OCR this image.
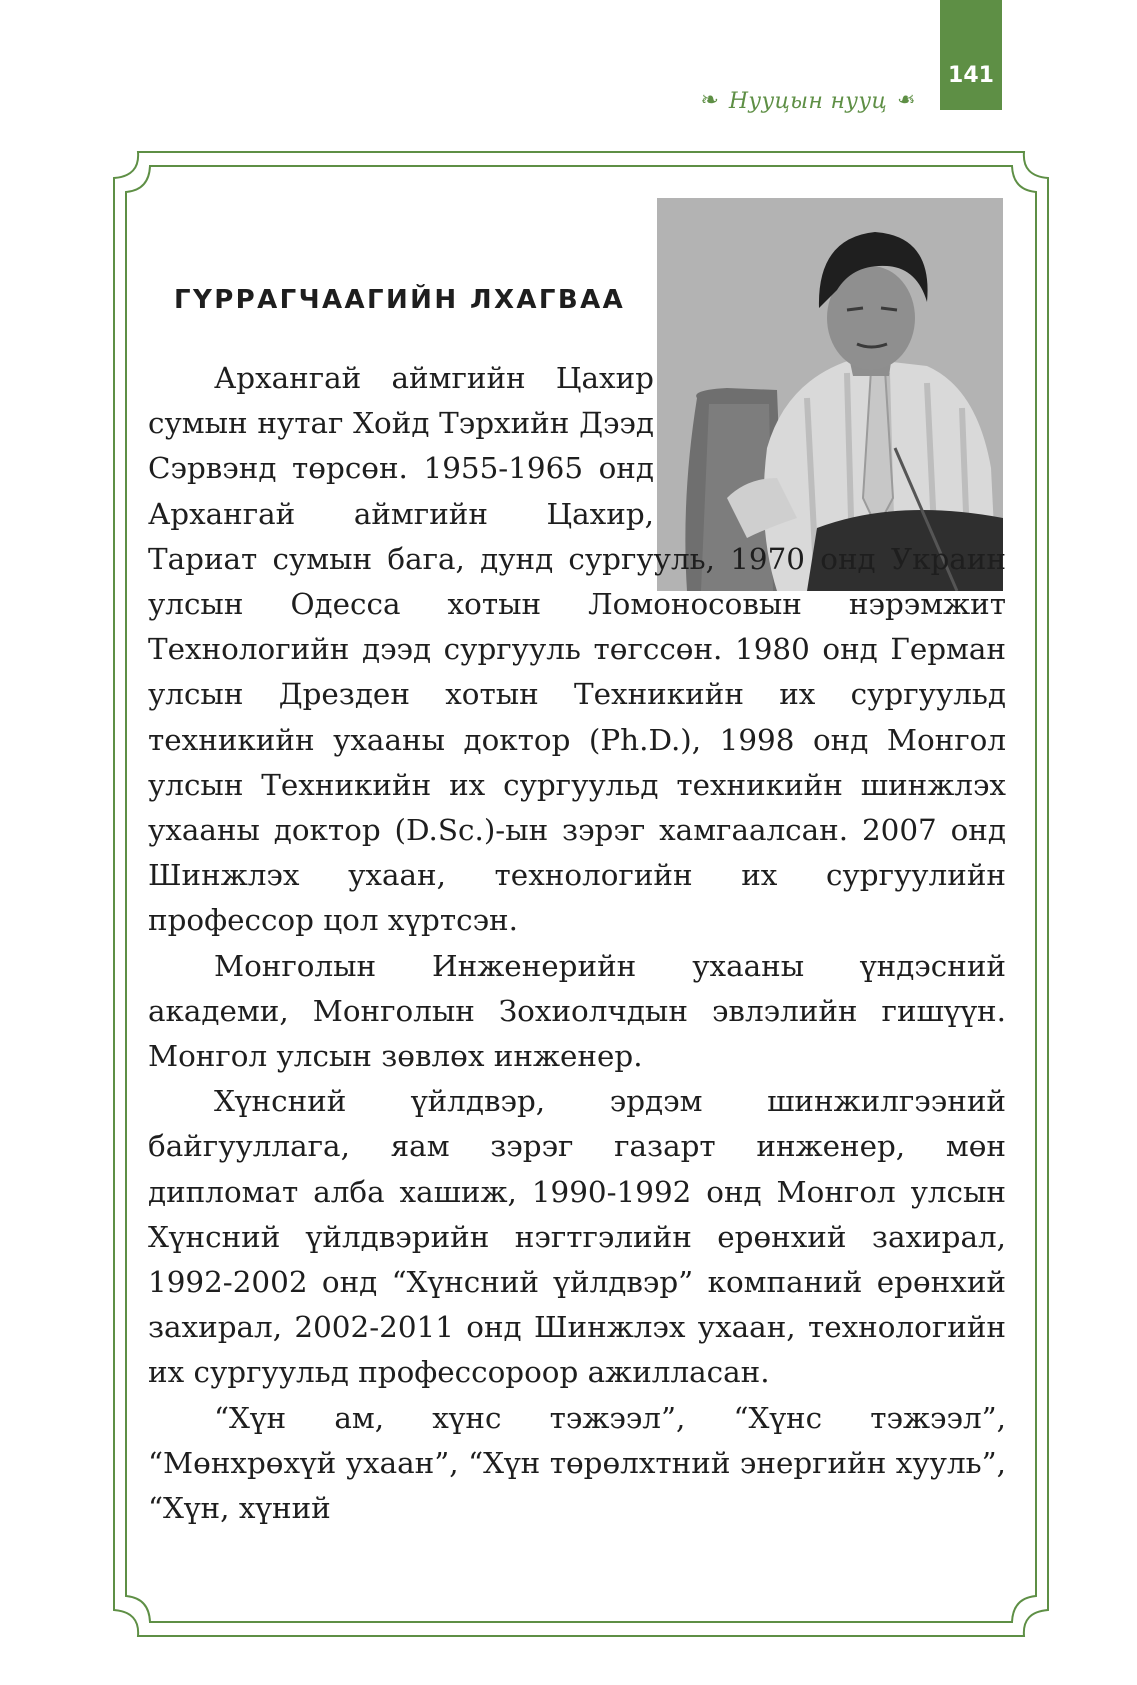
141
❧ Нууцын нууц ❧
ГҮРРАГЧААГИЙН ЛХАГВАА

Архангай аймгийн Цахир сумын нутаг Хойд Тэрхийн Дээд Сэрвэнд төрсөн. 1955-1965 онд Архангай аймгийн Цахир, Тариат сумын бага, дунд сургууль, 1970 онд Украин улсын Одесса хотын Ломоносовын нэрэмжит Технологийн дээд сургууль төгссөн. 1980 онд Герман улсын Дрезден хотын Техникийн их сургуульд техникийн ухааны доктор (Ph.D.), 1998 онд Монгол улсын Техникийн их сургуульд техникийн шинжлэх ухааны доктор (D.Sc.)-ын зэрэг хамгаалсан. 2007 онд Шинжлэх ухаан, технологийн их сургуулийн профессор цол хүртсэн.

Монголын Инженерийн ухааны үндэсний академи, Монголын Зохиолчдын эвлэлийн гишүүн. Монгол улсын зөвлөх инженер.

Хүнсний үйлдвэр, эрдэм шинжилгээний байгууллага, яам зэрэг газарт инженер, мөн дипломат алба хашиж, 1990-1992 онд Монгол улсын Хүнсний үйлдвэрийн нэгтгэлийн ерөнхий захирал, 1992-2002 онд “Хүнсний үйлдвэр” компаний ерөнхий захирал, 2002-2011 онд Шинжлэх ухаан, технологийн их сургуульд профессороор ажилласан.

“Хүн ам, хүнс тэжээл”, “Хүнс тэжээл”, “Мөнхрөхүй ухаан”, “Хүн төрөлхтний энергийн хууль”, “Хүн, хүний
